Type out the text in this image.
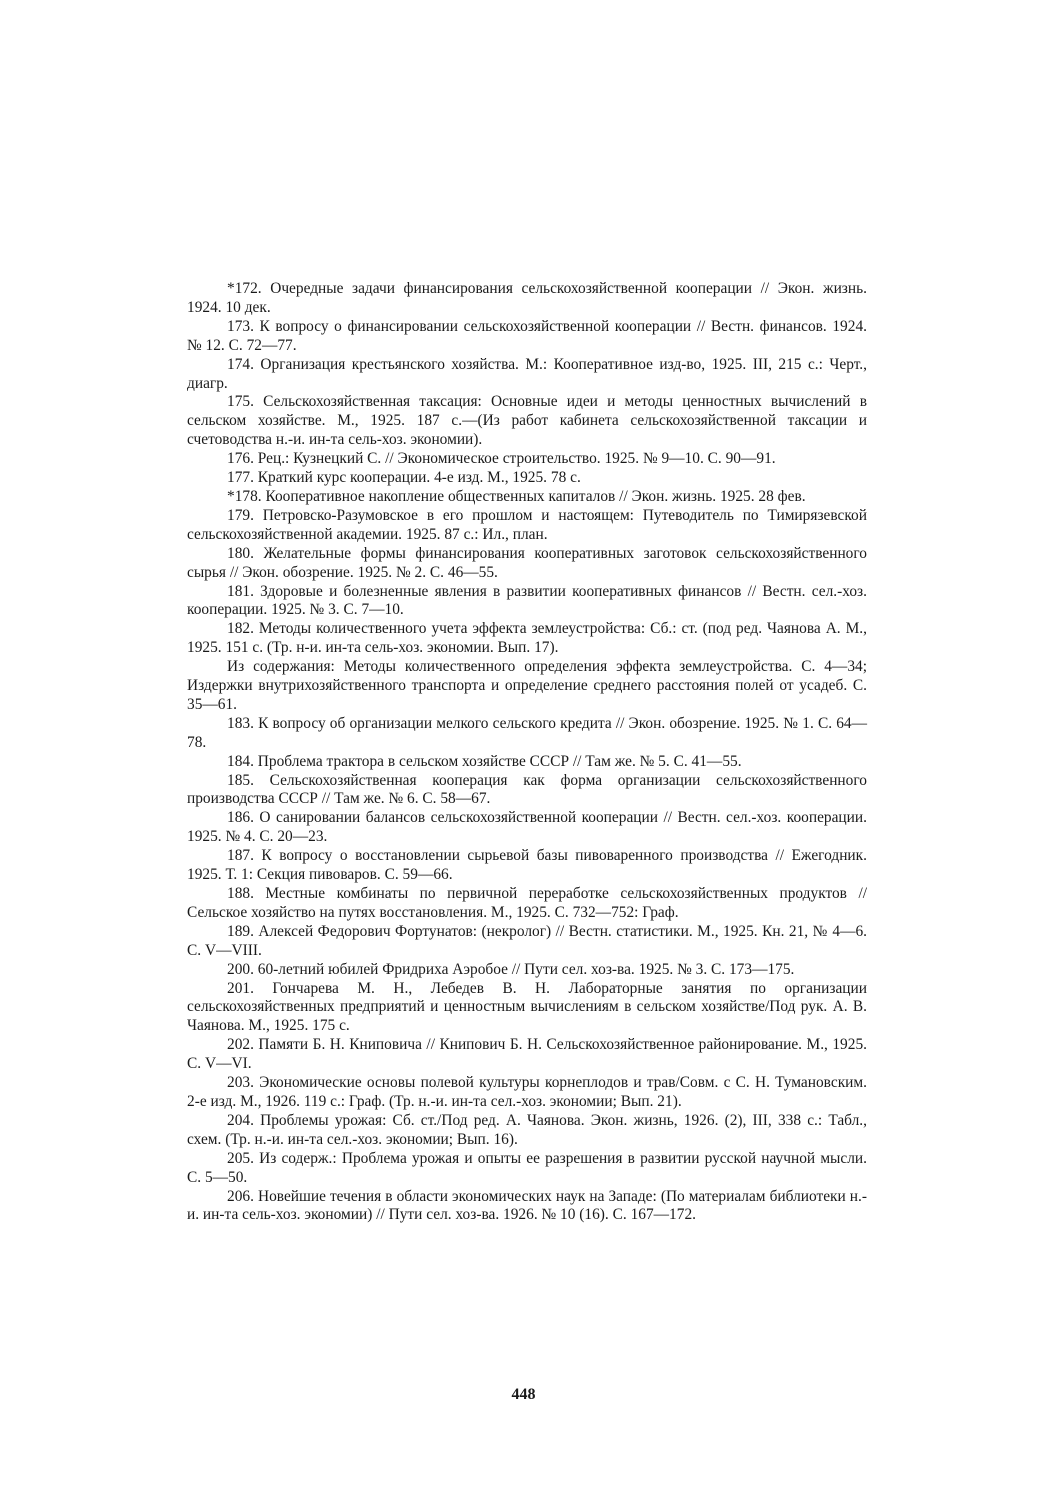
*172. Очередные задачи финансирования сельскохозяйственной кооперации // Экон. жизнь. 1924. 10 дек.

173. К вопросу о финансировании сельскохозяйственной кооперации // Вестн. финансов. 1924. № 12. С. 72—77.

174. Организация крестьянского хозяйства. М.: Кооперативное изд-во, 1925. III, 215 с.: Черт., диагр.

175. Сельскохозяйственная таксация: Основные идеи и методы ценностных вычислений в сельском хозяйстве. М., 1925. 187 с.—(Из работ кабинета сельскохозяйственной таксации и счетоводства н.-и. ин-та сель-хоз. экономии).

176. Рец.: Кузнецкий С. // Экономическое строительство. 1925. № 9—10. С. 90—91.

177. Краткий курс кооперации. 4-е изд. М., 1925. 78 с.

*178. Кооперативное накопление общественных капиталов // Экон. жизнь. 1925. 28 фев.

179. Петровско-Разумовское в его прошлом и настоящем: Путеводитель по Тимирязевской сельскохозяйственной академии. 1925. 87 с.: Ил., план.

180. Желательные формы финансирования кооперативных заготовок сельскохозяйственного сырья // Экон. обозрение. 1925. № 2. С. 46—55.

181. Здоровые и болезненные явления в развитии кооперативных финансов // Вестн. сел.-хоз. кооперации. 1925. № 3. С. 7—10.

182. Методы количественного учета эффекта землеустройства: Сб.: ст. (под ред. Чаянова А. М., 1925. 151 с. (Тр. н-и. ин-та сель-хоз. экономии. Вып. 17).

Из содержания: Методы количественного определения эффекта землеустройства. С. 4—34; Издержки внутрихозяйственного транспорта и определение среднего расстояния полей от усадеб. С. 35—61.

183. К вопросу об организации мелкого сельского кредита // Экон. обозрение. 1925. № 1. С. 64—78.

184. Проблема трактора в сельском хозяйстве СССР // Там же. № 5. С. 41—55.

185. Сельскохозяйственная кооперация как форма организации сельскохозяйственного производства СССР // Там же. № 6. С. 58—67.

186. О санировании балансов сельскохозяйственной кооперации // Вестн. сел.-хоз. кооперации. 1925. № 4. С. 20—23.

187. К вопросу о восстановлении сырьевой базы пивоваренного производства // Ежегодник. 1925. Т. 1: Секция пивоваров. С. 59—66.

188. Местные комбинаты по первичной переработке сельскохозяйственных продуктов // Сельское хозяйство на путях восстановления. М., 1925. С. 732—752: Граф.

189. Алексей Федорович Фортунатов: (некролог) // Вестн. статистики. М., 1925. Кн. 21, № 4—6. С. V—VIII.

200. 60-летний юбилей Фридриха Аэробое // Пути сел. хоз-ва. 1925. № 3. С. 173—175.

201. Гончарева М. Н., Лебедев В. Н. Лабораторные занятия по организации сельскохозяйственных предприятий и ценностным вычислениям в сельском хозяйстве/Под рук. А. В. Чаянова. М., 1925. 175 с.

202. Памяти Б. Н. Книповича // Книпович Б. Н. Сельскохозяйственное районирование. М., 1925. С. V—VI.

203. Экономические основы полевой культуры корнеплодов и трав/Совм. с С. Н. Тумановским. 2-е изд. М., 1926. 119 с.: Граф. (Тр. н.-и. ин-та сел.-хоз. экономии; Вып. 21).

204. Проблемы урожая: Сб. ст./Под ред. А. Чаянова. Экон. жизнь, 1926. (2), III, 338 с.: Табл., схем. (Тр. н.-и. ин-та сел.-хоз. экономии; Вып. 16).

205. Из содерж.: Проблема урожая и опыты ее разрешения в развитии русской научной мысли. С. 5—50.

206. Новейшие течения в области экономических наук на Западе: (По материалам библиотеки н.-и. ин-та сель-хоз. экономии) // Пути сел. хоз-ва. 1926. № 10 (16). С. 167—172.

448
